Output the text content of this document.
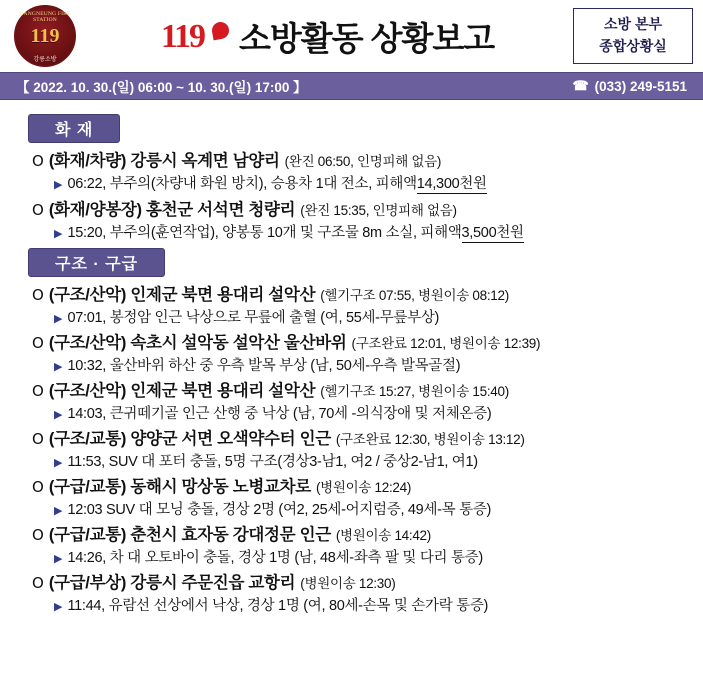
GANGNEUNG FIRE STATION
119
강릉소방
119 소방활동 상황보고	소방 본부
종합상황실
【 2022. 10. 30.(일) 06:00 ~ 10. 30.(일) 17:00 】	☎ (033) 249-5151
화 재
O (화재/차량) 강릉시 옥계면 남양리 (완진 06:50, 인명피해 없음)
▶ 06:22, 부주의(차량내 화원 방치), 승용차 1대 전소, 피해액 14,300천원
O (화재/양봉장) 홍천군 서석면 청량리 (완진 15:35, 인명피해 없음)
▶ 15:20, 부주의(훈연작업), 양봉통 10개 및 구조물 8m 소실, 피해액 3,500천원
구조 · 구급
O (구조/산악) 인제군 북면 용대리 설악산 (헬기구조 07:55, 병원이송 08:12)
▶ 07:01, 봉정암 인근 낙상으로 무릎에 출혈 (여, 55세-무릎부상)
O (구조/산악) 속초시 설악동 설악산 울산바위 (구조완료 12:01, 병원이송 12:39)
▶ 10:32, 울산바위 하산 중 우측 발목 부상 (남, 50세-우측 발목골절)
O (구조/산악) 인제군 북면 용대리 설악산 (헬기구조 15:27, 병원이송 15:40)
▶ 14:03, 큰귀떼기골 인근 산행 중 낙상 (남, 70세 -의식장애 및 저체온증)
O (구조/교통) 양양군 서면 오색약수터 인근 (구조완료 12:30, 병원이송 13:12)
▶ 11:53, SUV 대 포터 충돌, 5명 구조(경상3-남1, 여2 / 중상2-남1, 여1)
O (구급/교통) 동해시 망상동 노병교차로 (병원이송 12:24)
▶ 12:03 SUV 대 모닝 충돌, 경상 2명 (여2, 25세-어지럼증, 49세-목 통증)
O (구급/교통) 춘천시 효자동 강대정문 인근 (병원이송 14:42)
▶ 14:26, 차 대 오토바이 충돌, 경상 1명 (남, 48세-좌측 팔 및 다리 통증)
O (구급/부상) 강릉시 주문진읍 교항리 (병원이송 12:30)
▶ 11:44, 유람선 선상에서 낙상, 경상 1명 (여, 80세-손목 및 손가락 통증)
